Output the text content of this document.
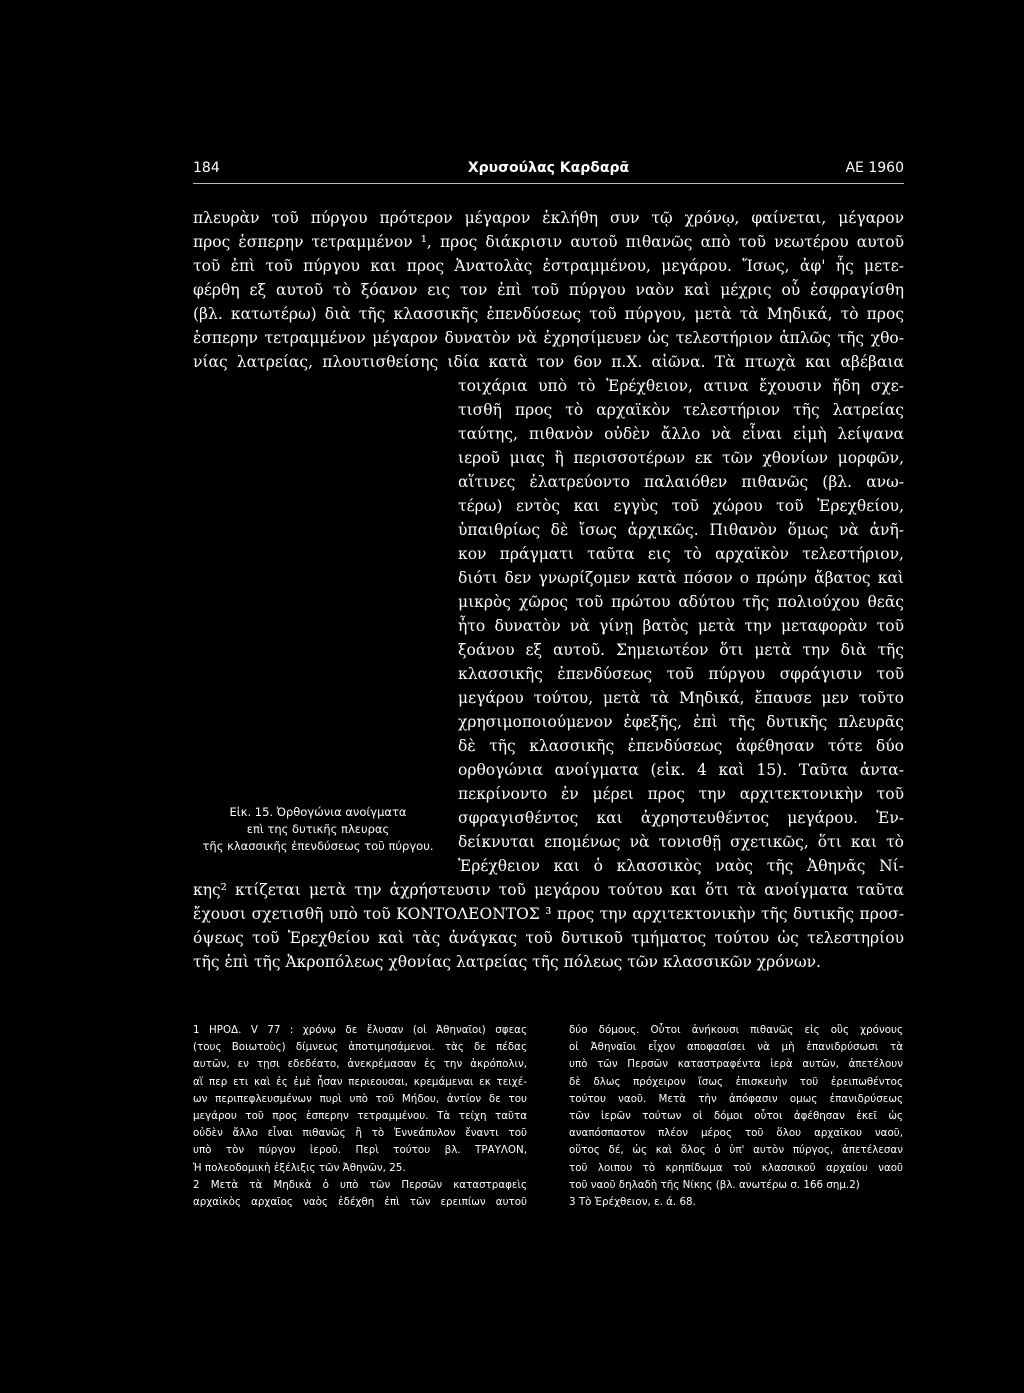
184	Χρυσούλας Καρδαρᾶ	ΑΕ 1960
πλευρὰν τοῦ πύργου πρότερον μέγαρον ἐκλήθη συν τῷ χρόνῳ, φαίνεται, μέγαρον
προς ἑσπερην τετραμμένον ¹, προς διάκρισιν αυτοῦ πιθανῶς απὸ τοῦ νεωτέρου αυτοῦ
τοῦ ἐπὶ τοῦ πύργου και προς Ἀνατολὰς ἐστραμμένου, μεγάρου. Ἴσως, ἀφ' ἧς μετε-
φέρθη εξ αυτοῦ τὸ ξόανον εις τον ἐπὶ τοῦ πύργου ναὸν καὶ μέχρις οὗ ἐσφραγίσθη
(βλ. κατωτέρω) διὰ τῆς κλασσικῆς ἐπενδύσεως τοῦ πύργου, μετὰ τὰ Μηδικά, τὸ προς
ἑσπερην τετραμμένον μέγαρον δυνατὸν νὰ ἐχρησίμευεν ὡς τελεστήριον ἁπλῶς τῆς χθο-
νίας λατρείας, πλουτισθείσης ιδία κατὰ τον 6ον π.Χ. αἰῶνα. Τὰ πτωχὰ και αβέβαια
τοιχάρια υπὸ τὸ Ἐρέχθειον, ατινα ἔχουσιν ἤδη σχε-
τισθῆ προς τὸ αρχαϊκὸν τελεστήριον τῆς λατρείας
ταύτης, πιθανὸν οὐδὲν ἄλλο νὰ εἶναι εἰμὴ λείψανα
ιεροῦ μιας ἢ περισσοτέρων εκ τῶν χθονίων μορφῶν,
αἵτινες ἐλατρεύοντο παλαιόθεν πιθανῶς (βλ. ανω-
τέρω) εντὸς και εγγὺς τοῦ χώρου τοῦ Ἐρεχθείου,
ὑπαιθρίως δὲ ἴσως ἀρχικῶς. Πιθανὸν ὅμως νὰ ἀνῆ-
κον πράγματι ταῦτα εις τὸ αρχαϊκὸν τελεστήριον,
διότι δεν γνωρίζομεν κατὰ πόσον ο πρώην ἄβατος καὶ
μικρὸς χῶρος τοῦ πρώτου αδύτου τῆς πολιούχου θεᾶς
ἦτο δυνατὸν νὰ γίνῃ βατὸς μετὰ την μεταφορὰν τοῦ
ξοάνου εξ αυτοῦ. Σημειωτέον ὅτι μετὰ την διὰ τῆς
κλασσικῆς ἐπενδύσεως τοῦ πύργου σφράγισιν τοῦ
μεγάρου τούτου, μετὰ τὰ Μηδικά, ἔπαυσε μεν τοῦτο
χρησιμοποιούμενον ἐφεξῆς, ἐπὶ τῆς δυτικῆς πλευρᾶς
δὲ τῆς κλασσικῆς ἐπενδύσεως ἀφέθησαν τότε δύο
ορθογώνια ανοίγματα (εἰκ. 4 καὶ 15). Ταῦτα ἀντα-
πεκρίνοντο ἐν μέρει προς την αρχιτεκτονικὴν τοῦ
σφραγισθέντος και ἀχρηστευθέντος μεγάρου. Ἐν-
δείκνυται επομένως νὰ τονισθῇ σχετικῶς, ὅτι και τὸ
Ἐρέχθειον και ὁ κλασσικὸς ναὸς τῆς Ἀθηνᾶς Νί-
Εἰκ. 15. Ὀρθογώνια ανοίγματα
επὶ της δυτικῆς πλευρας
τῆς κλασσικῆς ἐπενδύσεως τοῦ πύργου.
κης² κτίζεται μετὰ την ἀχρήστευσιν τοῦ μεγάρου τούτου και ὅτι τὰ ανοίγματα ταῦτα
ἔχουσι σχετισθῆ υπὸ τοῦ ΚΟΝΤΟΛΕΟΝΤΟΣ ³ προς την αρχιτεκτονικὴν τῆς δυτικῆς προσ-
όψεως τοῦ Ἐρεχθείου καὶ τὰς ἀνάγκας τοῦ δυτικοῦ τμήματος τούτου ὡς τελεστηρίου
τῆς ἐπὶ τῆς Ἀκροπόλεως χθονίας λατρείας τῆς πόλεως τῶν κλασσικῶν χρόνων.
1 ΗΡΟΔ. V 77 : χρόνῳ δε ἔλυσαν (οἱ Ἀθηναῖοι) σφεας
(τους Βοιωτοὺς) δίμνεως ἀποτιμησάμενοι. τὰς δε πέδας
αυτῶν, εν τῃσι εδεδέατο, ἀνεκρέμασαν ἐς την ἀκρόπολιν,
αἵ περ ετι καὶ ἐς ἐμὲ ἦσαν περιεουσαι, κρεμάμεναι εκ τειχέ-
ων περιπεφλευσμένων πυρὶ υπὸ τοῦ Μήδου, ἀντίον δε του
μεγάρου τοῦ προς ἑσπερην τετραμμένου. Τὰ τείχη ταῦτα
οὐδὲν ἄλλο εἶναι πιθανῶς ἢ τὸ Ἐννεάπυλον ἔναντι τοῦ
υπὸ τὸν πύργον ἱεροῦ. Περὶ τούτου βλ. ΤΡΑΥΛΟΝ,
Ἡ πολεοδομικὴ ἐξέλιξις τῶν Ἀθηνῶν, 25.
2 Μετὰ τὰ Μηδικὰ ὁ υπὸ τῶν Περσῶν καταστραφεὶς
αρχαϊκὸς αρχαῖος ναὸς ἐδέχθη ἐπὶ τῶν ερειπίων αυτοῦ
δύο δόμους. Οὗτοι ἀνήκουσι πιθανῶς εἰς οὓς χρόνους
οἱ Ἀθηναῖοι εἶχον αποφασίσει νὰ μὴ ἐπανιδρύσωσι τὰ
υπὸ τῶν Περσῶν καταστραφέντα ἱερὰ αυτῶν, ἀπετέλουν
δὲ δλως πρόχειρον ἴσως ἐπισκευὴν τοῦ ἐρειπωθέντος
τούτου ναοῦ. Μετὰ τὴν ἀπόφασιν ομως ἐπανιδρύσεως
τῶν ἱερῶν τούτων οἱ δόμοι οὗτοι ἀφέθησαν ἐκεῖ ὡς
αναπόσπαστον πλέον μέρος τοῦ ὅλου αρχαϊκου ναοῦ,
οὕτος δέ, ὡς καὶ ὅλος ὁ ὑπ' αυτὸν πύργος, ἀπετέλεσαν
τοῦ λοιπου τὸ κρηπίδωμα τοῦ κλασσικοῦ αρχαίου ναοῦ
τοῦ ναοῦ δηλαδὴ τῆς Νίκης (βλ. ανωτέρω σ. 166 σημ.2)
3 Τὸ Ἐρέχθειον, ε. ά. 68.
